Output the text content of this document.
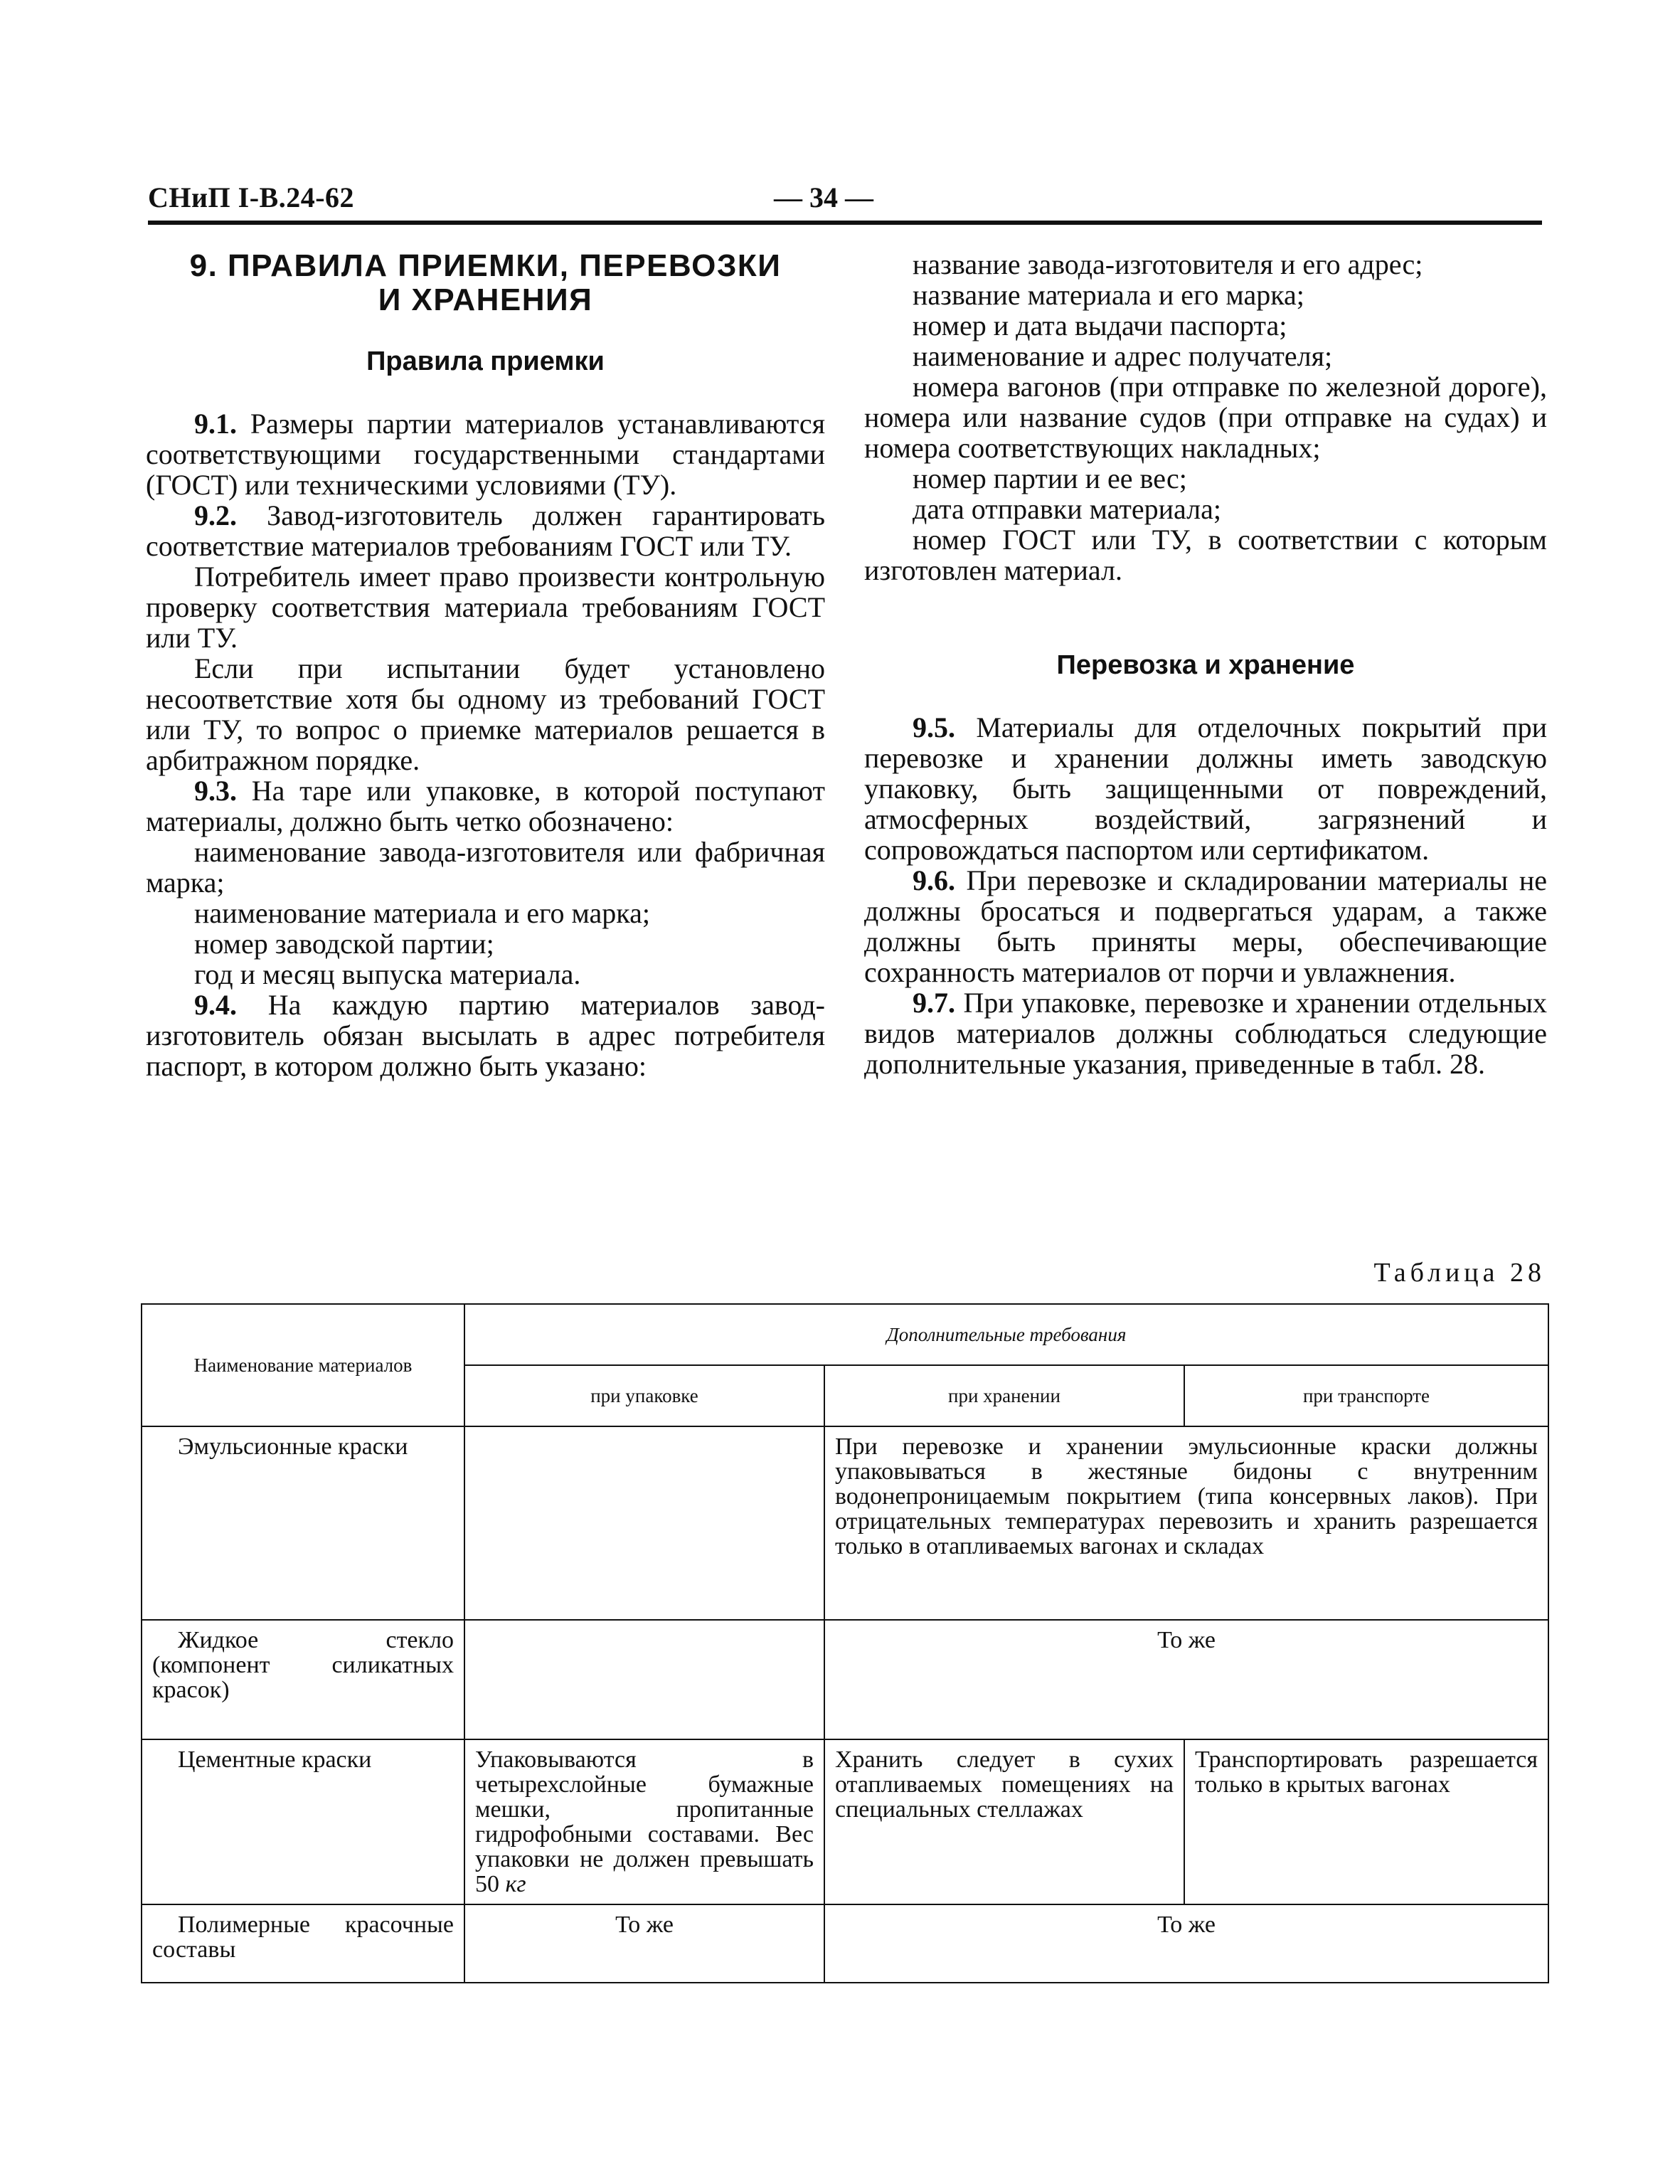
СНиП I-В.24-62	— 34 —
9. ПРАВИЛА ПРИЕМКИ, ПЕРЕВОЗКИ
И ХРАНЕНИЯ
Правила приемки

9.1. Размеры партии материалов устанавливаются соответствующими государственными стандартами (ГОСТ) или техническими условиями (ТУ).

9.2. Завод-изготовитель должен гарантировать соответствие материалов требованиям ГОСТ или ТУ.

Потребитель имеет право произвести контрольную проверку соответствия материала требованиям ГОСТ или ТУ.

Если при испытании будет установлено несоответствие хотя бы одному из требований ГОСТ или ТУ, то вопрос о приемке материалов решается в арбитражном порядке.

9.3. На таре или упаковке, в которой поступают материалы, должно быть четко обозначено:

наименование завода-изготовителя или фабричная марка;

наименование материала и его марка;

номер заводской партии;

год и месяц выпуска материала.

9.4. На каждую партию материалов завод-изготовитель обязан высылать в адрес потребителя паспорт, в котором должно быть указано:

название завода-изготовителя и его адрес;

название материала и его марка;

номер и дата выдачи паспорта;

наименование и адрес получателя;

номера вагонов (при отправке по железной дороге), номера или название судов (при отправке на судах) и номера соответствующих накладных;

номер партии и ее вес;

дата отправки материала;

номер ГОСТ или ТУ, в соответствии с которым изготовлен материал.

Перевозка и хранение

9.5. Материалы для отделочных покрытий при перевозке и хранении должны иметь заводскую упаковку, быть защищенными от повреждений, атмосферных воздействий, загрязнений и сопровождаться паспортом или сертификатом.

9.6. При перевозке и складировании материалы не должны бросаться и подвергаться ударам, а также должны быть приняты меры, обеспечивающие сохранность материалов от порчи и увлажнения.

9.7. При упаковке, перевозке и хранении отдельных видов материалов должны соблюдаться следующие дополнительные указания, приведенные в табл. 28.

Таблица 28
Наименование материалов	Дополнительные требования		
	при упаковке	при хранении	при транспорте
Эмульсионные краски		При перевозке и хранении эмульсионные краски должны упаковываться в жестяные бидоны с внутренним водонепроницаемым покрытием (типа консервных лаков). При отрицательных температурах перевозить и хранить разрешается только в отапливаемых вагонах и складах	
Жидкое стекло (компонент силикатных красок)		То же	
Цементные краски	Упаковываются в четырехслойные бумажные мешки, пропитанные гидрофобными составами. Вес упаковки не должен превышать 50 кг	Хранить следует в сухих отапливаемых помещениях на специальных стеллажах	Транспортировать разрешается только в крытых вагонах
Полимерные красочные составы	То же	То же	
